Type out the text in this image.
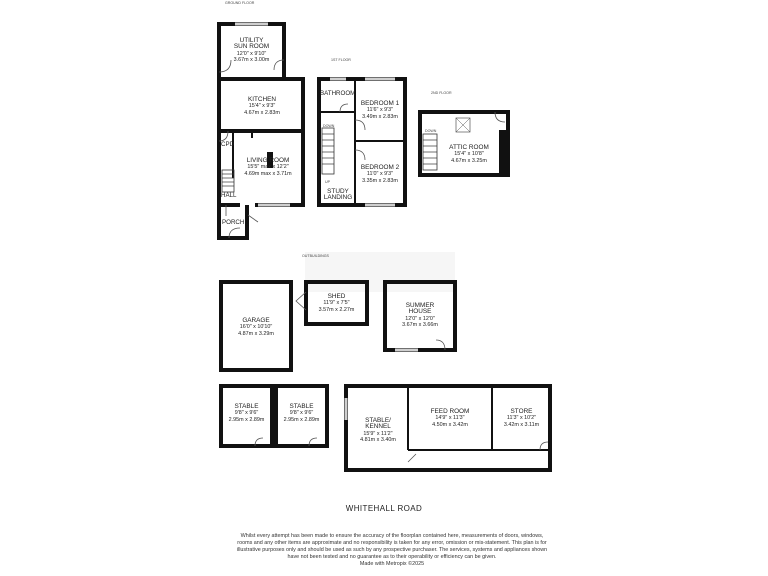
GROUND FLOOR
1ST FLOOR
2ND FLOOR
OUTBUILDINGS
UTILITY
SUN ROOM
12'0" x 9'10"
3.67m x 3.00m
KITCHEN
15'4" x 9'3"
4.67m x 2.83m
LIVING ROOM
15'5" max x 12'2"
4.69m max x 3.71m
CPD
HALL
PORCH
BATHROOM
BEDROOM 1
11'6" x 9'3"
3.49m x 2.83m
BEDROOM 2
11'0" x 9'3"
3.35m x 2.83m
STUDY
LANDING
DOWN
UP
DOWN
ATTIC ROOM
15'4" x 10'8"
4.67m x 3.25m
SHED
11'9" x 7'5"
3.57m x 2.27m
SUMMER
HOUSE
12'0" x 12'0"
3.67m x 3.66m
GARAGE
16'0" x 10'10"
4.87m x 3.29m
STABLE
9'8" x 9'6"
2.95m x 2.89m
STABLE
9'8" x 9'6"
2.95m x 2.89m	STABLE/
KENNEL
15'9" x 11'2"
4.81m x 3.40m
FEED ROOM
14'9" x 11'3"
4.50m x 3.42m
STORE
11'3" x 10'2"
3.42m x 3.11m
WHITEHALL ROAD
Whilst every attempt has been made to ensure the accuracy of the floorplan contained here, measurements of doors, windows, rooms and any other items are approximate and no responsibility is taken for any error, omission or mis-statement. This plan is for illustrative purposes only and should be used as such by any prospective purchaser. The services, systems and appliances shown have not been tested and no guarantee as to their operability or efficiency can be given.
Made with Metropix ©2025
